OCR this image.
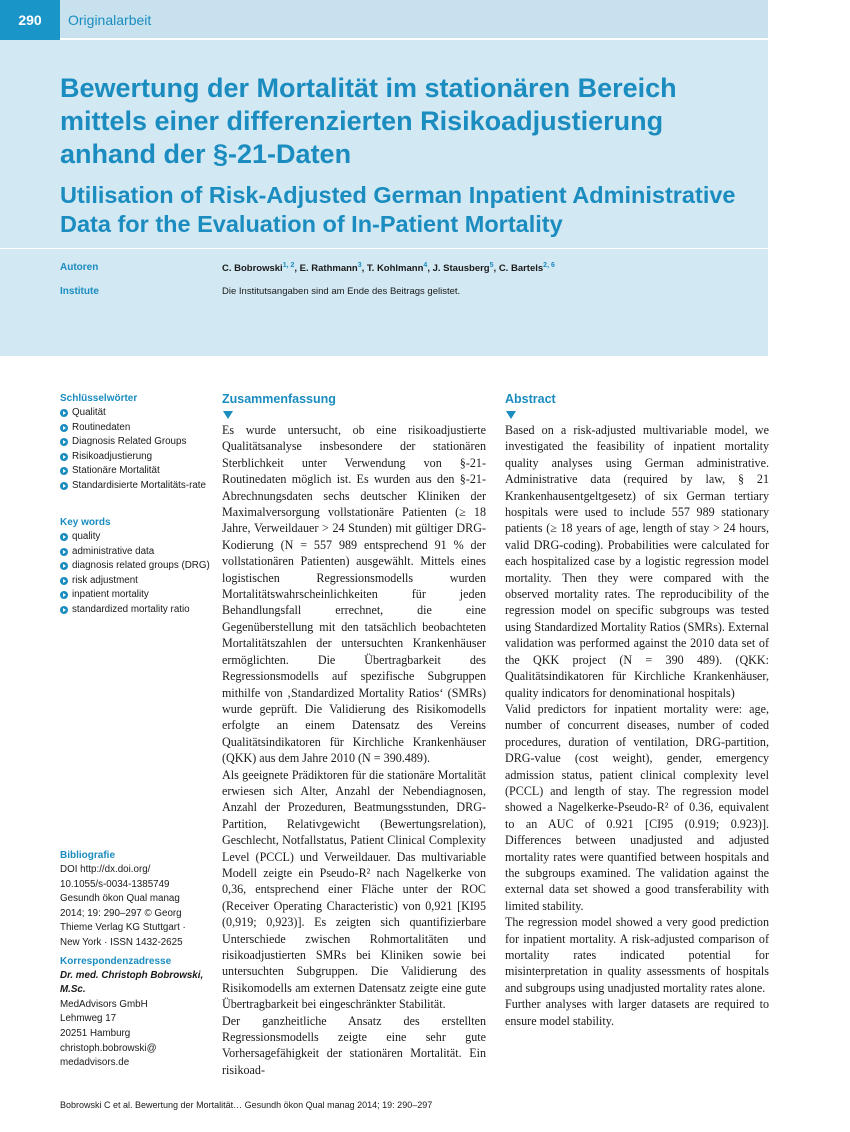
290	Originalarbeit
Bewertung der Mortalität im stationären Bereich
mittels einer differenzierten Risikoadjustierung
anhand der §-21-Daten
Utilisation of Risk-Adjusted German Inpatient Administrative
Data for the Evaluation of In-Patient Mortality
Autoren	C. Bobrowski$^{1, 2}$, E. Rathmann$^3$, T. Kohlmann$^4$, J. Stausberg$^5$, C. Bartels$^{2, 6}$
Institute	Die Institutsangaben sind am Ende des Beitrags gelistet.
Schlüsselwörter
Qualität
Routinedaten
Diagnosis Related Groups
Risikoadjustierung
Stationäre Mortalität
Standardisierte Mortalitäts-rate
Key words
quality
administrative data
diagnosis related groups (DRG)
risk adjustment
inpatient mortality
standardized mortality ratio
Bibliografie
DOI http://dx.doi.org/
10.1055/s-0034-1385749
Gesundh ökon Qual manag
2014; 19: 290–297 © Georg
Thieme Verlag KG Stuttgart ·
New York · ISSN 1432-2625
Korrespondenzadresse
Dr. med. Christoph Bobrowski,
M.Sc.
MedAdvisors GmbH
Lehmweg 17
20251 Hamburg
christoph.bobrowski@
medadvisors.de
Zusammenfassung

Es wurde untersucht, ob eine risikoadjustierte Qualitätsanalyse insbesondere der stationären Sterblichkeit unter Verwendung von §-21-Routinedaten möglich ist. Es wurden aus den §-21-Abrechnungsdaten sechs deutscher Kliniken der Maximalversorgung vollstationäre Patienten (≥ 18 Jahre, Verweildauer > 24 Stunden) mit gültiger DRG-Kodierung (N = 557 989 entsprechend 91 % der vollstationären Patienten) ausgewählt. Mittels eines logistischen Regressionsmodells wurden Mortalitätswahrscheinlichkeiten für jeden Behandlungsfall errechnet, die eine Gegenüberstellung mit den tatsächlich beobachteten Mortalitätszahlen der untersuchten Krankenhäuser ermöglichten. Die Übertragbarkeit des Regressionsmodells auf spezifische Subgruppen mithilfe von ‚Standardized Mortality Ratios‘ (SMRs) wurde geprüft. Die Validierung des Risikomodells erfolgte an einem Datensatz des Vereins Qualitätsindikatoren für Kirchliche Krankenhäuser (QKK) aus dem Jahre 2010 (N = 390.489).

Als geeignete Prädiktoren für die stationäre Mortalität erwiesen sich Alter, Anzahl der Nebendiagnosen, Anzahl der Prozeduren, Beatmungsstunden, DRG-Partition, Relativgewicht (Bewertungsrelation), Geschlecht, Notfallstatus, Patient Clinical Complexity Level (PCCL) und Verweildauer. Das multivariable Modell zeigte ein Pseudo-R² nach Nagelkerke von 0,36, entsprechend einer Fläche unter der ROC (Receiver Operating Characteristic) von 0,921 [KI95 (0,919; 0,923)]. Es zeigten sich quantifizierbare Unterschiede zwischen Rohmortalitäten und risikoadjustierten SMRs bei Kliniken sowie bei untersuchten Subgruppen. Die Validierung des Risikomodells am externen Datensatz zeigte eine gute Übertragbarkeit bei eingeschränkter Stabilität.

Der ganzheitliche Ansatz des erstellten Regressionsmodells zeigte eine sehr gute Vorhersagefähigkeit der stationären Mortalität. Ein risikoad-

Abstract

Based on a risk-adjusted multivariable model, we investigated the feasibility of inpatient mortality quality analyses using German administrative. Administrative data (required by law, § 21 Krankenhausentgeltgesetz) of six German tertiary hospitals were used to include 557 989 stationary patients (≥ 18 years of age, length of stay > 24 hours, valid DRG-coding). Probabilities were calculated for each hospitalized case by a logistic regression model mortality. Then they were compared with the observed mortality rates. The reproducibility of the regression model on specific subgroups was tested using Standardized Mortality Ratios (SMRs). External validation was performed against the 2010 data set of the QKK project (N = 390 489). (QKK: Qualitätsindikatoren für Kirchliche Krankenhäuser, quality indicators for denominational hospitals)

Valid predictors for inpatient mortality were: age, number of concurrent diseases, number of coded procedures, duration of ventilation, DRG-partition, DRG-value (cost weight), gender, emergency admission status, patient clinical complexity level (PCCL) and length of stay. The regression model showed a Nagelkerke-Pseudo-R² of 0.36, equivalent to an AUC of 0.921 [CI95 (0.919; 0.923)]. Differences between unadjusted and adjusted mortality rates were quantified between hospitals and the subgroups examined. The validation against the external data set showed a good transferability with limited stability.

The regression model showed a very good prediction for inpatient mortality. A risk-adjusted comparison of mortality rates indicated potential for misinterpretation in quality assessments of hospitals and subgroups using unadjusted mortality rates alone.

Further analyses with larger datasets are required to ensure model stability.

Bobrowski C et al. Bewertung der Mortalität… Gesundh ökon Qual manag 2014; 19: 290–297
